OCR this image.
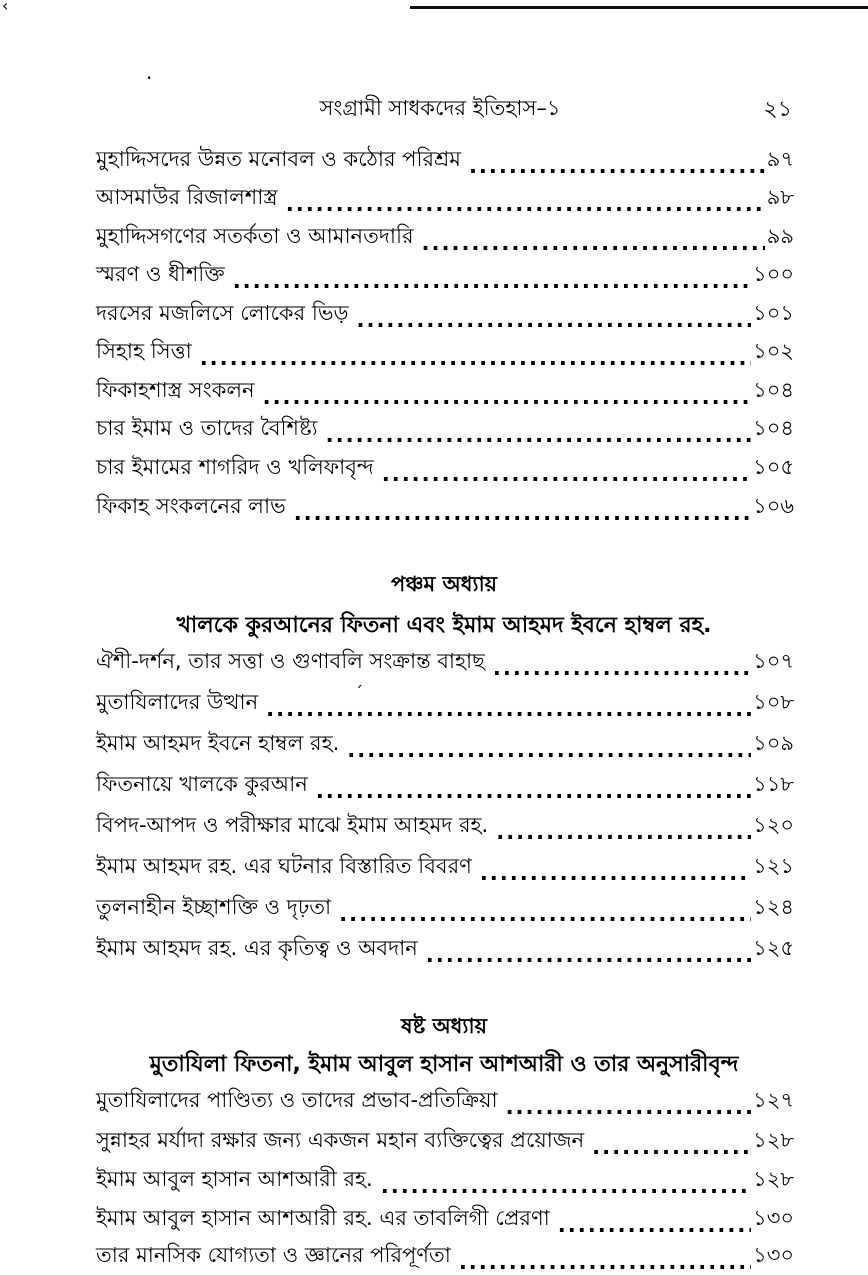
‹
·
ˊ
সংগ্রামী সাধকদের ইতিহাস–১	২১
মুহাদ্দিসদের উন্নত মনোবল ও কঠোর পরিশ্রম .....	৯৭
আসমাউর রিজালশাস্ত্র .....	৯৮
মুহাদ্দিসগণের সতর্কতা ও আমানতদারি .....	৯৯
স্মরণ ও ধীশক্তি .....	১০০
দরসের মজলিসে লোকের ভিড় .....	১০১
সিহাহ সিত্তা .....	১০২
ফিকাহশাস্ত্র সংকলন .....	১০৪
চার ইমাম ও তাদের বৈশিষ্ট্য .....	১০৪
চার ইমামের শাগরিদ ও খলিফাবৃন্দ .....	১০৫
ফিকাহ সংকলনের লাভ .....	১০৬
পঞ্চম অধ্যায়
খালকে কুরআনের ফিতনা এবং ইমাম আহমদ ইবনে হাম্বল রহ.
ঐশী-দর্শন, তার সত্তা ও গুণাবলি সংক্রান্ত বাহাছ .....	১০৭
মুতাযিলাদের উত্থান .....	১০৮
ইমাম আহমদ ইবনে হাম্বল রহ. .....	১০৯
ফিতনায়ে খালকে কুরআন .....	১১৮
বিপদ-আপদ ও পরীক্ষার মাঝে ইমাম আহমদ রহ. .....	১২০
ইমাম আহমদ রহ. এর ঘটনার বিস্তারিত বিবরণ .....	১২১
তুলনাহীন ইচ্ছাশক্তি ও দৃঢ়তা .....	১২৪
ইমাম আহমদ রহ. এর কৃতিত্ব ও অবদান .....	১২৫
ষষ্ট অধ্যায়
মুতাযিলা ফিতনা, ইমাম আবুল হাসান আশআরী ও তার অনুসারীবৃন্দ
মুতাযিলাদের পাণ্ডিত্য ও তাদের প্রভাব-প্রতিক্রিয়া .....	১২৭
সুন্নাহর মর্যাদা রক্ষার জন্য একজন মহান ব্যক্তিত্বের প্রয়োজন .....	১২৮
ইমাম আবুল হাসান আশআরী রহ. .....	১২৮
ইমাম আবুল হাসান আশআরী রহ. এর তাবলিগী প্রেরণা .....	১৩০
তার মানসিক যোগ্যতা ও জ্ঞানের পরিপূর্ণতা .....	১৩০
